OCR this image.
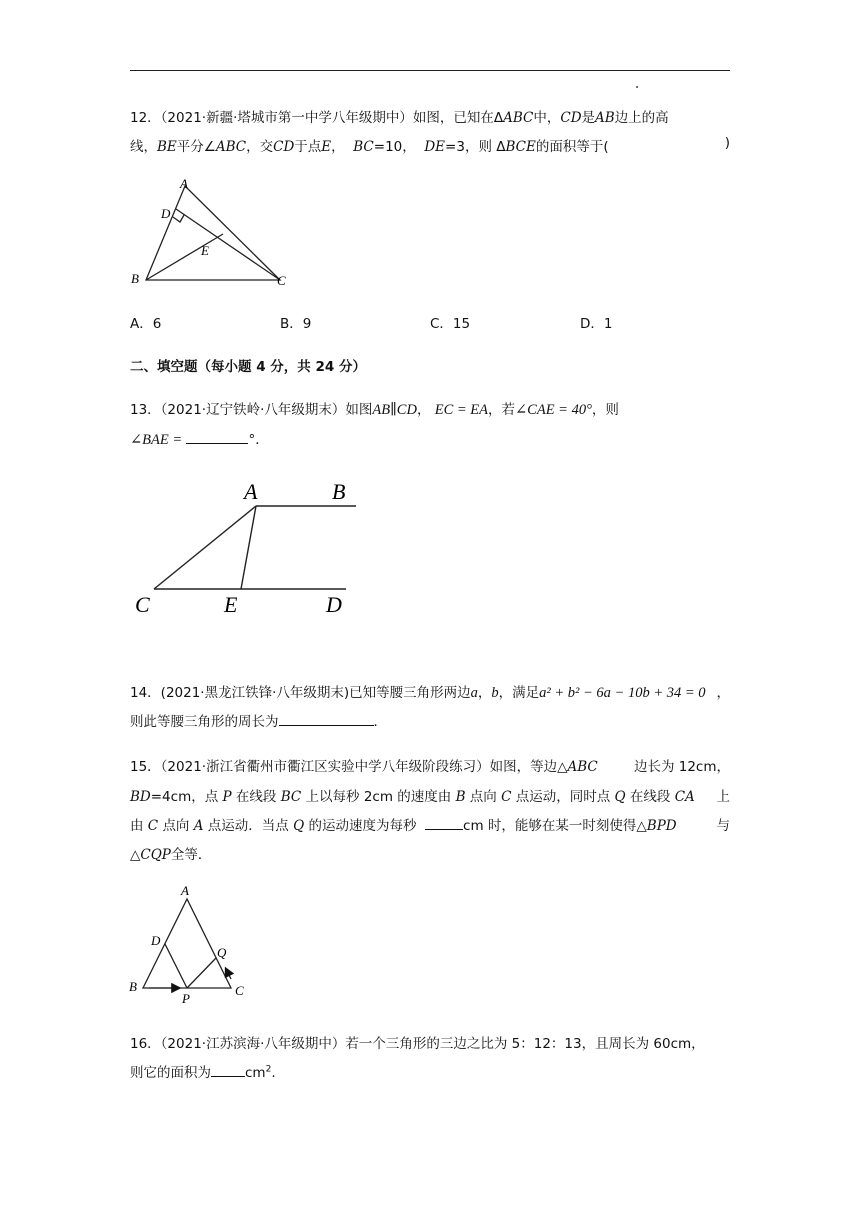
12．（2021·新疆·塔城市第一中学八年级期中）如图，已知在ΔABC中，CD是AB边上的高
线，BE平分∠ABC，交CD于点E， BC=10， DE=3，则 ΔBCE的面积等于(	)
A
D
E
B	C
A．6	B．9	C．15	D．1
二、填空题（每小题 4 分，共 24 分）
13．（2021·辽宁铁岭·八年级期末）如图AB∥CD， EC = EA，若∠CAE = 40°，则
∠BAE =	°．
A	B
C	E	D
14．(2021·黑龙江铁锋·八年级期末)已知等腰三角形两边a，b，满足a² + b² − 6a − 10b + 34 = 0 ，
则此等腰三角形的周长为	．
15．（2021·浙江省衢州市衢江区实验中学八年级阶段练习）如图，等边△ABC	边长为 12cm，
BD=4cm，点 P 在线段 BC 上以每秒 2cm 的速度由 B 点向 C 点运动，同时点 Q 在线段 CA 上
由 C 点向 A 点运动．当点 Q 的运动速度为每秒	cm 时，能够在某一时刻使得△BPD	与
△CQP全等．
A
D
Q
B
P
C
16．（2021·江苏滨海·八年级期中）若一个三角形的三边之比为 5：12：13，且周长为 60cm，
则它的面积为	$cm^2$.
